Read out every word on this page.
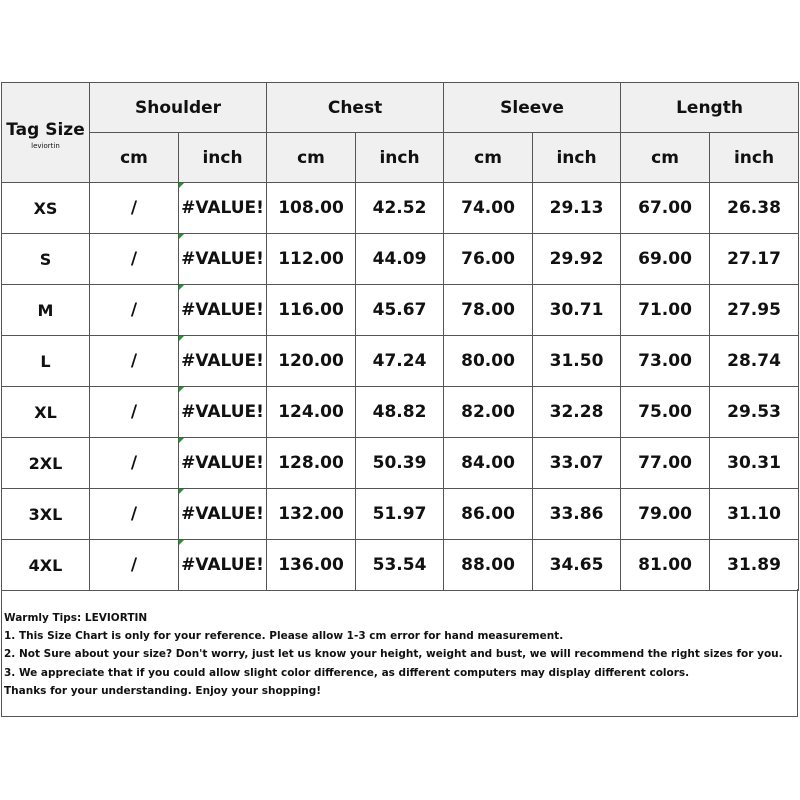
Tag Size
leviortin	Shoulder		Chest		Sleeve		Length	
	cm	inch	cm	inch	cm	inch	cm	inch
XS	/	#VALUE!	108.00	42.52	74.00	29.13	67.00	26.38
S	/	#VALUE!	112.00	44.09	76.00	29.92	69.00	27.17
M	/	#VALUE!	116.00	45.67	78.00	30.71	71.00	27.95
L	/	#VALUE!	120.00	47.24	80.00	31.50	73.00	28.74
XL	/	#VALUE!	124.00	48.82	82.00	32.28	75.00	29.53
2XL	/	#VALUE!	128.00	50.39	84.00	33.07	77.00	30.31
3XL	/	#VALUE!	132.00	51.97	86.00	33.86	79.00	31.10
4XL	/	#VALUE!	136.00	53.54	88.00	34.65	81.00	31.89
Warmly Tips: LEVIORTIN
1. This Size Chart is only for your reference. Please allow 1-3 cm error for hand measurement.
2. Not Sure about your size? Don't worry, just let us know your height, weight and bust, we will recommend the right sizes for you.
3. We appreciate that if you could allow slight color difference, as different computers may display different colors.
Thanks for your understanding. Enjoy your shopping!
